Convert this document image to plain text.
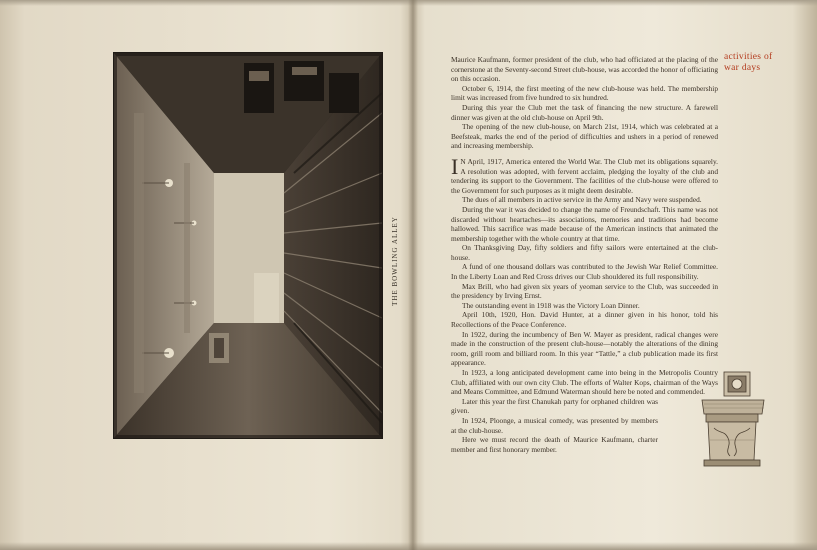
THE BOWLING ALLEY

Maurice Kaufmann, former president of the club, who had officiated at the placing of the cornerstone at the Seventy-second Street club-house, was accorded the honor of officiating on this occasion.

October 6, 1914, the first meeting of the new club-house was held. The membership limit was increased from five hundred to six hundred.

During this year the Club met the task of financing the new structure. A farewell dinner was given at the old club-house on April 9th.

The opening of the new club-house, on March 21st, 1914, which was celebrated at a Beefsteak, marks the end of the period of difficulties and ushers in a period of renewed and increasing membership.

I N April, 1917, America entered the World War. The Club met its obligations squarely. A resolution was adopted, with fervent acclaim, pledging the loyalty of the club and tendering its support to the Government. The facilities of the club-house were offered to the Government for such purposes as it might deem desirable.

The dues of all members in active service in the Army and Navy were suspended.

During the war it was decided to change the name of Freundschaft. This name was not discarded without heartaches—its associations, memories and traditions had become hallowed. This sacrifice was made because of the American instincts that animated the membership together with the whole country at that time.

On Thanksgiving Day, fifty soldiers and fifty sailors were entertained at the club-house.

A fund of one thousand dollars was contributed to the Jewish War Relief Committee. In the Liberty Loan and Red Cross drives our Club shouldered its full responsibility.

Max Brill, who had given six years of yeoman service to the Club, was succeeded in the presidency by Irving Ernst.

The outstanding event in 1918 was the Victory Loan Dinner.

April 10th, 1920, Hon. David Hunter, at a dinner given in his honor, told his Recollections of the Peace Conference.

In 1922, during the incumbency of Ben W. Mayer as president, radical changes were made in the construction of the present club-house—notably the alterations of the dining room, grill room and billiard room. In this year “Tattle,” a club publication made its first appearance.

In 1923, a long anticipated development came into being in the Metropolis Country Club, affiliated with our own city Club. The efforts of Walter Kops, chairman of the Ways and Means Committee, and Edmund Waterman should here be noted and commended.

Later this year the first Chanukah party for orphaned children was given.

In 1924, Ploonge, a musical comedy, was presented by members at the club-house.

Here we must record the death of Maurice Kaufmann, charter member and first honorary member.

activities of
war days
